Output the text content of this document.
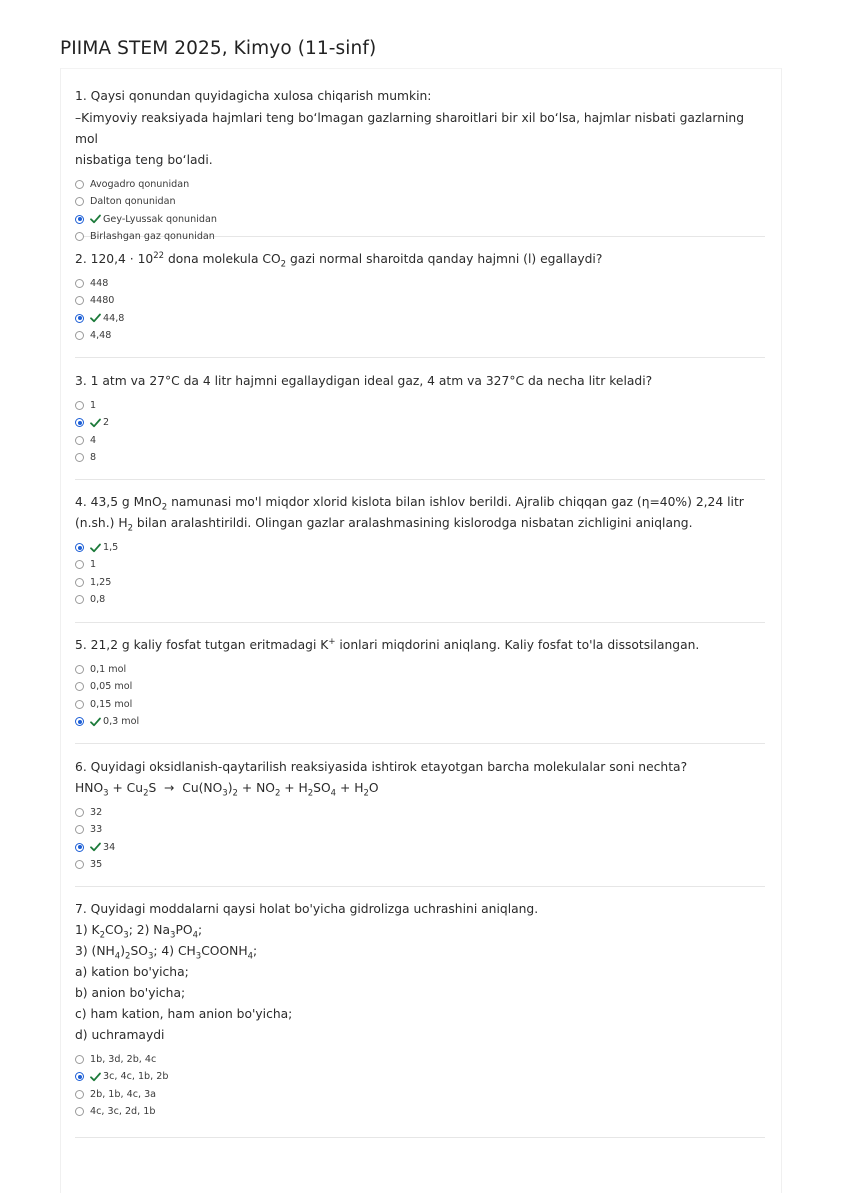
PIIMA STEM 2025, Kimyo (11-sinf)
1. Qaysi qonundan quyidagicha xulosa chiqarish mumkin:
–Kimyoviy reaksiyada hajmlari teng bo‘lmagan gazlarning sharoitlari bir xil bo‘lsa, hajmlar nisbati gazlarning mol
nisbatiga teng bo‘ladi.
Avogadro qonunidan
Dalton qonunidan
Gey-Lyussak qonunidan
Birlashgan gaz qonunidan
2. $120,4 \cdot 10^{22}$ dona molekula $CO_2$ gazi normal sharoitda qanday hajmni (l) egallaydi?
448
4480
44,8
4,48
3. 1 atm va 27°C da 4 litr hajmni egallaydigan ideal gaz, 4 atm va 327°C da necha litr keladi?
1
2
4
8
4. 43,5 g MnO$_2$ namunasi mo'l miqdor xlorid kislota bilan ishlov berildi. Ajralib chiqqan gaz (η=40%) 2,24 litr
(n.sh.) $H_2$ bilan aralashtirildi. Olingan gazlar aralashmasining kislorodga nisbatan zichligini aniqlang.
1,5
1
1,25
0,8
5. 21,2 g kaliy fosfat tutgan eritmadagi K+ ionlari miqdorini aniqlang. Kaliy fosfat to'la dissotsilangan.
0,1 mol
0,05 mol
0,15 mol
0,3 mol
6. Quyidagi oksidlanish-qaytarilish reaksiyasida ishtirok etayotgan barcha molekulalar soni nechta?
$HNO_3 + Cu_2S \to Cu(NO_3)_2 + NO_2 + H_2SO_4 + H_2O$
32
33
34
35
7. Quyidagi moddalarni qaysi holat bo'yicha gidrolizga uchrashini aniqlang.
1) $K_2CO_3$; 2) $Na_3PO_4$;
3) $(NH_4)_2SO_3$; 4) $CH_3COONH_4$;
a) kation bo'yicha;
b) anion bo'yicha;
c) ham kation, ham anion bo'yicha;
d) uchramaydi
1b, 3d, 2b, 4c
3c, 4c, 1b, 2b
2b, 1b, 4c, 3a
4c, 3c, 2d, 1b
